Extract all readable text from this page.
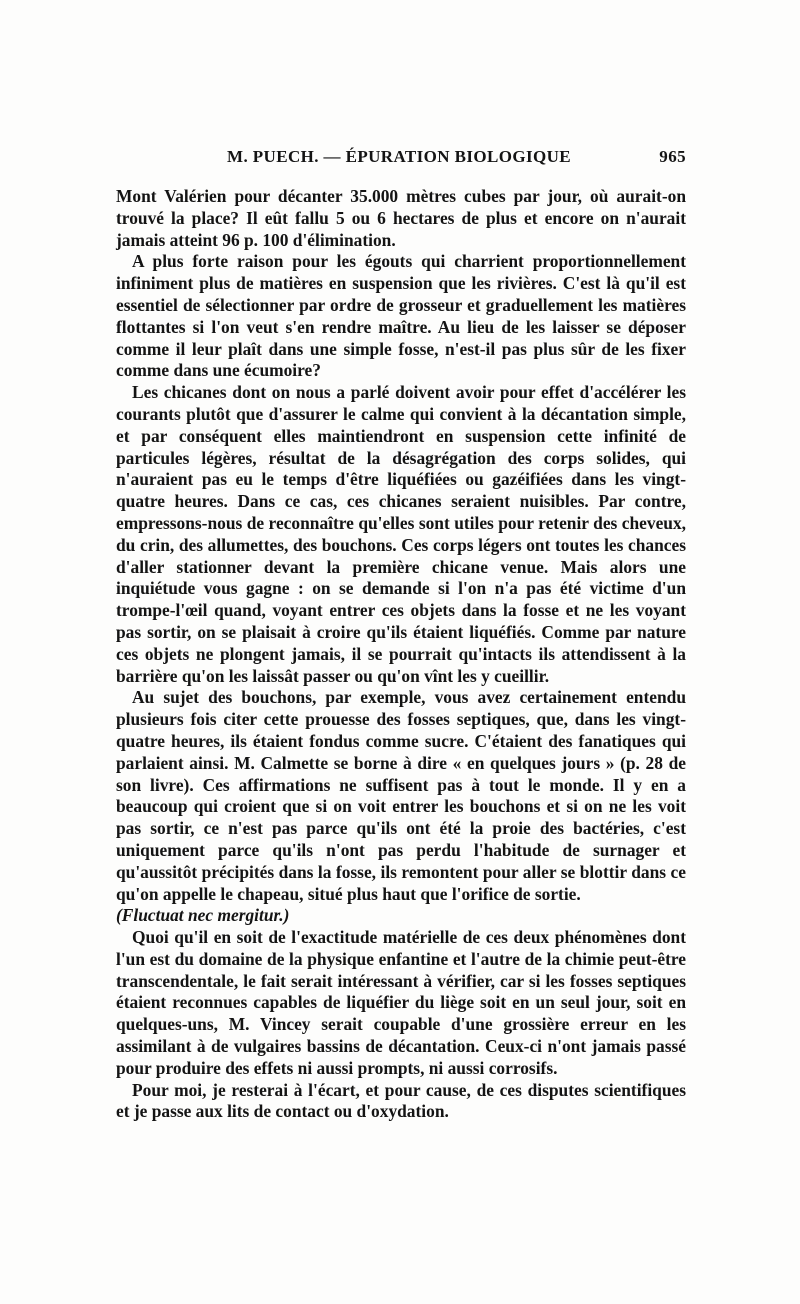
M. PUECH. — ÉPURATION BIOLOGIQUE	965

Mont Valérien pour décanter 35.000 mètres cubes par jour, où aurait-on trouvé la place? Il eût fallu 5 ou 6 hectares de plus et encore on n'aurait jamais atteint 96 p. 100 d'élimination.

A plus forte raison pour les égouts qui charrient proportionnellement infiniment plus de matières en suspension que les rivières. C'est là qu'il est essentiel de sélectionner par ordre de grosseur et graduellement les matières flottantes si l'on veut s'en rendre maître. Au lieu de les laisser se déposer comme il leur plaît dans une simple fosse, n'est-il pas plus sûr de les fixer comme dans une écumoire?

Les chicanes dont on nous a parlé doivent avoir pour effet d'accélérer les courants plutôt que d'assurer le calme qui convient à la décantation simple, et par conséquent elles maintiendront en suspension cette infinité de particules légères, résultat de la désagrégation des corps solides, qui n'auraient pas eu le temps d'être liquéfiées ou gazéifiées dans les vingt-quatre heures. Dans ce cas, ces chicanes seraient nuisibles. Par contre, empressons-nous de reconnaître qu'elles sont utiles pour retenir des cheveux, du crin, des allumettes, des bouchons. Ces corps légers ont toutes les chances d'aller stationner devant la première chicane venue. Mais alors une inquiétude vous gagne : on se demande si l'on n'a pas été victime d'un trompe-l'œil quand, voyant entrer ces objets dans la fosse et ne les voyant pas sortir, on se plaisait à croire qu'ils étaient liquéfiés. Comme par nature ces objets ne plongent jamais, il se pourrait qu'intacts ils attendissent à la barrière qu'on les laissât passer ou qu'on vînt les y cueillir.

Au sujet des bouchons, par exemple, vous avez certainement entendu plusieurs fois citer cette prouesse des fosses septiques, que, dans les vingt-quatre heures, ils étaient fondus comme sucre. C'étaient des fanatiques qui parlaient ainsi. M. Calmette se borne à dire « en quelques jours » (p. 28 de son livre). Ces affirmations ne suffisent pas à tout le monde. Il y en a beaucoup qui croient que si on voit entrer les bouchons et si on ne les voit pas sortir, ce n'est pas parce qu'ils ont été la proie des bactéries, c'est uniquement parce qu'ils n'ont pas perdu l'habitude de surnager et qu'aussitôt précipités dans la fosse, ils remontent pour aller se blottir dans ce qu'on appelle le chapeau, situé plus haut que l'orifice de sortie.

(Fluctuat nec mergitur.)

Quoi qu'il en soit de l'exactitude matérielle de ces deux phénomènes dont l'un est du domaine de la physique enfantine et l'autre de la chimie peut-être transcendentale, le fait serait intéressant à vérifier, car si les fosses septiques étaient reconnues capables de liquéfier du liège soit en un seul jour, soit en quelques-uns, M. Vincey serait coupable d'une grossière erreur en les assimilant à de vulgaires bassins de décantation. Ceux-ci n'ont jamais passé pour produire des effets ni aussi prompts, ni aussi corrosifs.

Pour moi, je resterai à l'écart, et pour cause, de ces disputes scientifiques et je passe aux lits de contact ou d'oxydation.
